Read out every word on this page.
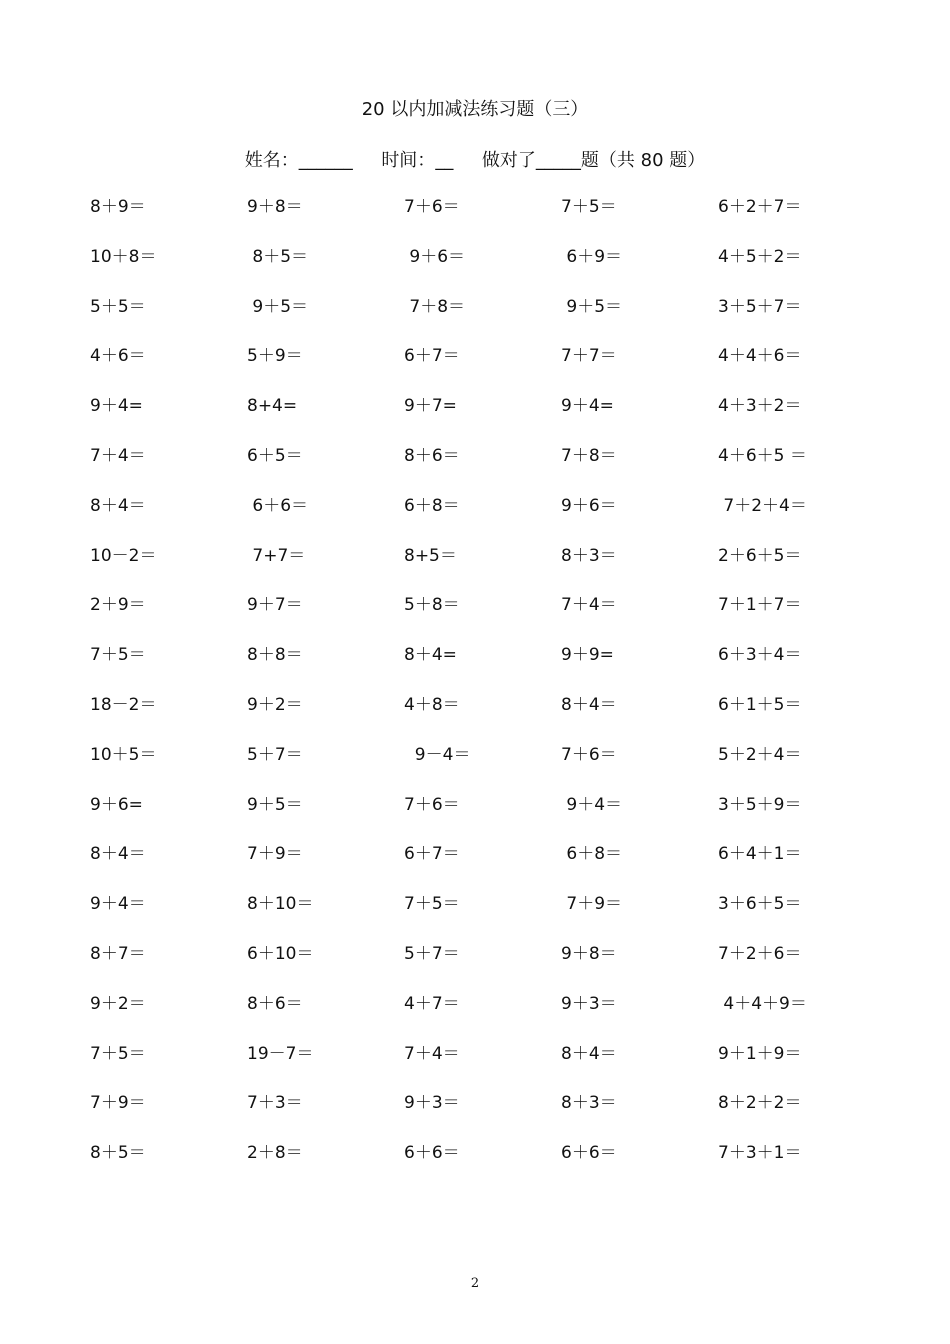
20 以内加减法练习题（三）
姓名：______ 时间：__ 做对了_____题（共 80 题）
8＋9＝	9＋8＝	7＋6＝	7＋5＝	6＋2＋7＝
10＋8＝	8＋5＝	9＋6＝	6＋9＝	4＋5＋2＝
5＋5＝	9＋5＝	7＋8＝	9＋5＝	3＋5＋7＝
4＋6＝	5＋9＝	6＋7＝	7＋7＝	4＋4＋6＝
9＋4=	8+4=	9＋7=	9＋4=	4＋3＋2＝
7＋4＝	6＋5＝	8＋6＝	7＋8＝	4＋6＋5 ＝
8＋4＝	6＋6＝	6＋8＝	9＋6＝	7＋2＋4＝
10－2＝	7+7＝	8+5＝	8＋3＝	2＋6＋5＝
2＋9＝	9＋7＝	5＋8＝	7＋4＝	7＋1＋7＝
7＋5＝	8＋8＝	8＋4=	9＋9=	6＋3＋4＝
18－2＝	9＋2＝	4＋8＝	8＋4＝	6＋1＋5＝
10＋5＝	5＋7＝	9－4＝	7＋6＝	5＋2＋4＝
9＋6=	9＋5＝	7＋6＝	9＋4＝	3＋5＋9＝
8＋4＝	7＋9＝	6＋7＝	6＋8＝	6＋4＋1＝
9＋4＝	8＋10＝	7＋5＝	7＋9＝	3＋6＋5＝
8＋7＝	6＋10＝	5＋7＝	9＋8＝	7＋2＋6＝
9＋2＝	8＋6＝	4＋7＝	9＋3＝	4＋4＋9＝
7＋5＝	19－7＝	7＋4＝	8＋4＝	9＋1＋9＝
7＋9＝	7＋3＝	9＋3＝	8＋3＝	8＋2＋2＝
8＋5＝	2＋8＝	6＋6＝	6＋6＝	7＋3＋1＝
2
